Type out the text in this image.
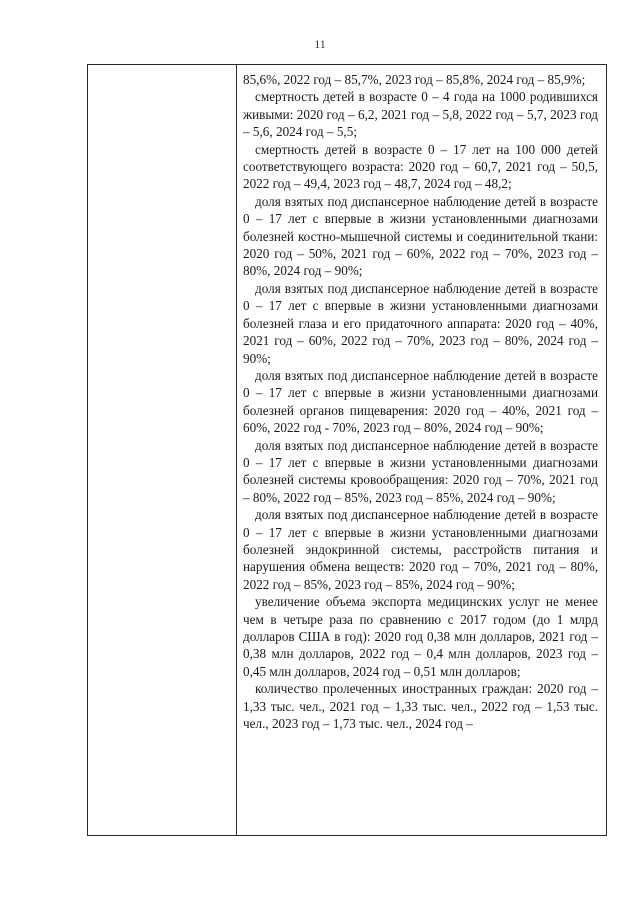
11

85,6%, 2022 год – 85,7%, 2023 год – 85,8%, 2024 год – 85,9%;

смертность детей в возрасте 0 – 4 года на 1000 родившихся живыми: 2020 год – 6,2, 2021 год – 5,8, 2022 год – 5,7, 2023 год – 5,6, 2024 год – 5,5;

смертность детей в возрасте 0 – 17 лет на 100 000 детей соответствующего возраста: 2020 год – 60,7, 2021 год – 50,5, 2022 год – 49,4, 2023 год – 48,7, 2024 год – 48,2;

доля взятых под диспансерное наблюдение детей в возрасте 0 – 17 лет с впервые в жизни установленными диагнозами болезней костно-мышечной системы и соединительной ткани: 2020 год – 50%, 2021 год – 60%, 2022 год – 70%, 2023 год – 80%, 2024 год – 90%;

доля взятых под диспансерное наблюдение детей в возрасте 0 – 17 лет с впервые в жизни установленными диагнозами болезней глаза и его придаточного аппарата: 2020 год – 40%, 2021 год – 60%, 2022 год – 70%, 2023 год – 80%, 2024 год – 90%;

доля взятых под диспансерное наблюдение детей в возрасте 0 – 17 лет с впервые в жизни установленными диагнозами болезней органов пищеварения: 2020 год – 40%, 2021 год – 60%, 2022 год - 70%, 2023 год – 80%, 2024 год – 90%;

доля взятых под диспансерное наблюдение детей в возрасте 0 – 17 лет с впервые в жизни установленными диагнозами болезней системы кровообращения: 2020 год – 70%, 2021 год – 80%, 2022 год – 85%, 2023 год – 85%, 2024 год – 90%;

доля взятых под диспансерное наблюдение детей в возрасте 0 – 17 лет с впервые в жизни установленными диагнозами болезней эндокринной системы, расстройств питания и нарушения обмена веществ: 2020 год – 70%, 2021 год – 80%, 2022 год – 85%, 2023 год – 85%, 2024 год – 90%;

увеличение объема экспорта медицинских услуг не менее чем в четыре раза по сравнению с 2017 годом (до 1 млрд долларов США в год): 2020 год 0,38 млн долларов, 2021 год – 0,38 млн долларов, 2022 год – 0,4 млн долларов, 2023 год – 0,45 млн долларов, 2024 год – 0,51 млн долларов;

количество пролеченных иностранных граждан: 2020 год – 1,33 тыс. чел., 2021 год – 1,33 тыс. чел., 2022 год – 1,53 тыс. чел., 2023 год – 1,73 тыс. чел., 2024 год –
